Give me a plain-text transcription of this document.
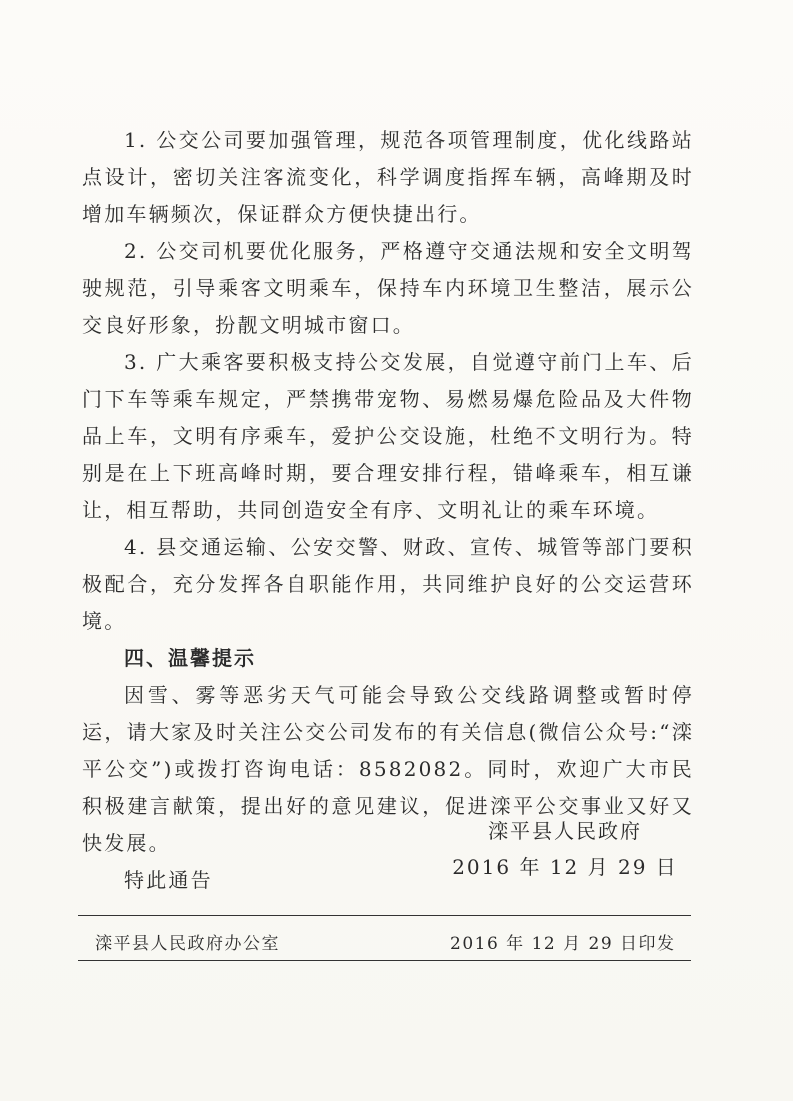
1. 公交公司要加强管理，规范各项管理制度，优化线路站点设计，密切关注客流变化，科学调度指挥车辆，高峰期及时增加车辆频次，保证群众方便快捷出行。

2. 公交司机要优化服务，严格遵守交通法规和安全文明驾驶规范，引导乘客文明乘车，保持车内环境卫生整洁，展示公交良好形象，扮靓文明城市窗口。

3. 广大乘客要积极支持公交发展，自觉遵守前门上车、后门下车等乘车规定，严禁携带宠物、易燃易爆危险品及大件物品上车，文明有序乘车，爱护公交设施，杜绝不文明行为。特别是在上下班高峰时期，要合理安排行程，错峰乘车，相互谦让，相互帮助，共同创造安全有序、文明礼让的乘车环境。

4. 县交通运输、公安交警、财政、宣传、城管等部门要积极配合，充分发挥各自职能作用，共同维护良好的公交运营环境。

四、温馨提示

因雪、雾等恶劣天气可能会导致公交线路调整或暂时停运，请大家及时关注公交公司发布的有关信息(微信公众号:“滦平公交”)或拨打咨询电话：8582082。同时，欢迎广大市民积极建言献策，提出好的意见建议，促进滦平公交事业又好又快发展。

特此通告

滦平县人民政府
2016 年 12 月 29 日
滦平县人民政府办公室	2016 年 12 月 29 日印发
